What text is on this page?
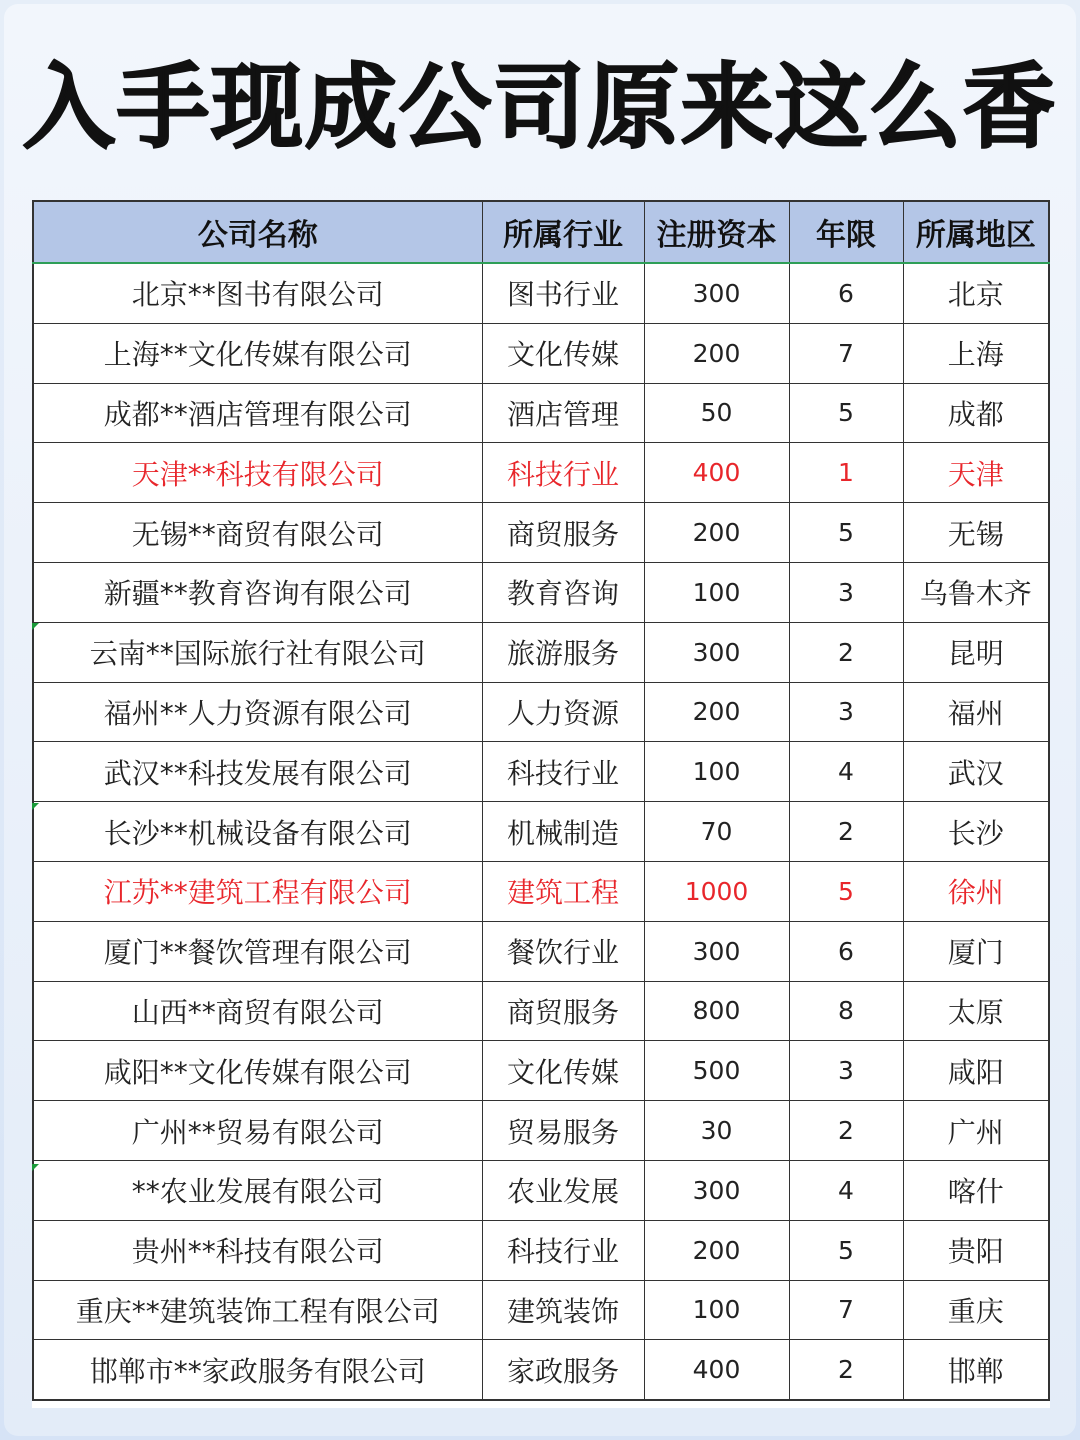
入手现成公司原来这么香
公司名称	所属行业	注册资本	年限	所属地区
北京**图书有限公司	图书行业	300	6	北京
上海**文化传媒有限公司	文化传媒	200	7	上海
成都**酒店管理有限公司	酒店管理	50	5	成都
天津**科技有限公司	科技行业	400	1	天津
无锡**商贸有限公司	商贸服务	200	5	无锡
新疆**教育咨询有限公司	教育咨询	100	3	乌鲁木齐
云南**国际旅行社有限公司	旅游服务	300	2	昆明
福州**人力资源有限公司	人力资源	200	3	福州
武汉**科技发展有限公司	科技行业	100	4	武汉
长沙**机械设备有限公司	机械制造	70	2	长沙
江苏**建筑工程有限公司	建筑工程	1000	5	徐州
厦门**餐饮管理有限公司	餐饮行业	300	6	厦门
山西**商贸有限公司	商贸服务	800	8	太原
咸阳**文化传媒有限公司	文化传媒	500	3	咸阳
广州**贸易有限公司	贸易服务	30	2	广州
**农业发展有限公司	农业发展	300	4	喀什
贵州**科技有限公司	科技行业	200	5	贵阳
重庆**建筑装饰工程有限公司	建筑装饰	100	7	重庆
邯郸市**家政服务有限公司	家政服务	400	2	邯郸
